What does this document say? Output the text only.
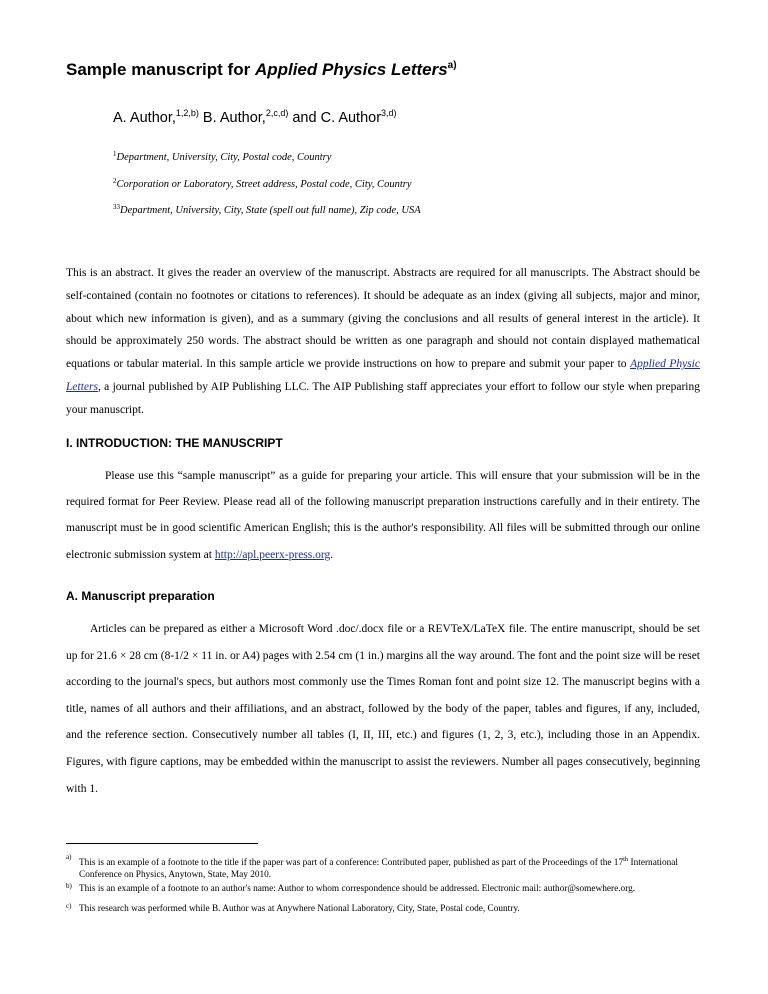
Sample manuscript for Applied Physics Letters$^{a)}$
A. Author,$^{1,2,b)}$ B. Author,$^{2,c,d)}$ and C. Author$^{3,d)}$
$^1$Department, University, City, Postal code, Country
$^2$Corporation or Laboratory, Street address, Postal code, City, Country
$^{33}$Department, University, City, State (spell out full name), Zip code, USA

This is an abstract. It gives the reader an overview of the manuscript. Abstracts are required for all manuscripts. The Abstract should be self-contained (contain no footnotes or citations to references). It should be adequate as an index (giving all subjects, major and minor, about which new information is given), and as a summary (giving the conclusions and all results of general interest in the article). It should be approximately 250 words. The abstract should be written as one paragraph and should not contain displayed mathematical equations or tabular material. In this sample article we provide instructions on how to prepare and submit your paper to Applied Physic Letters, a journal published by AIP Publishing LLC. The AIP Publishing staff appreciates your effort to follow our style when preparing your manuscript.

I. INTRODUCTION: THE MANUSCRIPT

Please use this “sample manuscript” as a guide for preparing your article. This will ensure that your submission will be in the required format for Peer Review. Please read all of the following manuscript preparation instructions carefully and in their entirety. The manuscript must be in good scientific American English; this is the author's responsibility. All files will be submitted through our online electronic submission system at http://apl.peerx-press.org.

A. Manuscript preparation

Articles can be prepared as either a Microsoft Word .doc/.docx file or a REVTeX/LaTeX file. The entire manuscript, should be set up for 21.6 × 28 cm (8-1/2 × 11 in. or A4) pages with 2.54 cm (1 in.) margins all the way around. The font and the point size will be reset according to the journal's specs, but authors most commonly use the Times Roman font and point size 12. The manuscript begins with a title, names of all authors and their affiliations, and an abstract, followed by the body of the paper, tables and figures, if any, included, and the reference section. Consecutively number all tables (I, II, III, etc.) and figures (1, 2, 3, etc.), including those in an Appendix. Figures, with figure captions, may be embedded within the manuscript to assist the reviewers. Number all pages consecutively, beginning with 1.

a)
This is an example of a footnote to the title if the paper was part of a conference: Contributed paper, published as part of the Proceedings of the 17th International Conference on Physics, Anytown, State, May 2010.
b) This is an example of a footnote to an author's name: Author to whom correspondence should be addressed. Electronic mail: author@somewhere.org.
c) This research was performed while B. Author was at Anywhere National Laboratory, City, State, Postal code, Country.
